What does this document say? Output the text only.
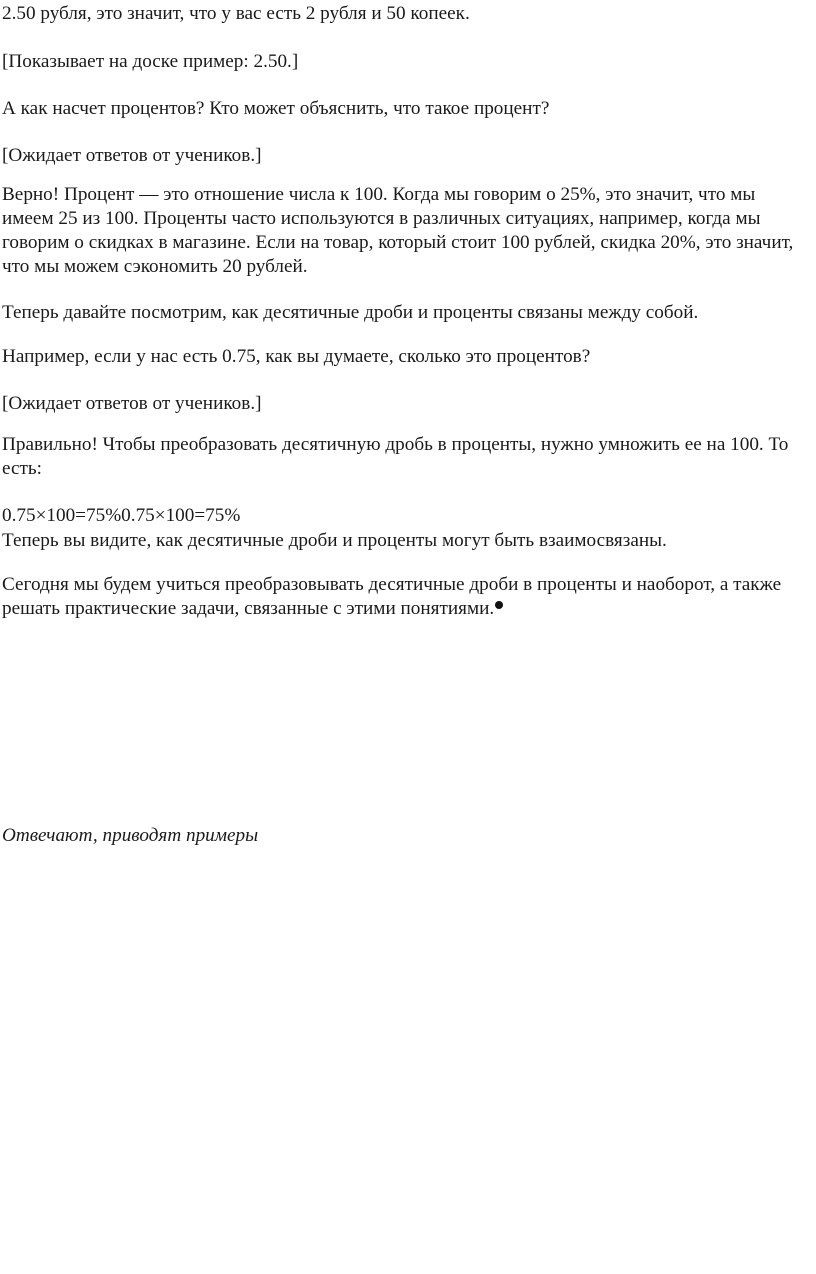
2.50 рубля, это значит, что у вас есть 2 рубля и 50 копеек.

[Показывает на доске пример: 2.50.]

А как насчет процентов? Кто может объяснить, что такое процент?

[Ожидает ответов от учеников.]

Верно! Процент — это отношение числа к 100. Когда мы говорим о 25%, это значит, что мы имеем 25 из 100. Проценты часто используются в различных ситуациях, например, когда мы говорим о скидках в магазине. Если на товар, который стоит 100 рублей, скидка 20%, это значит, что мы можем сэкономить 20 рублей.

Теперь давайте посмотрим, как десятичные дроби и проценты связаны между собой.

Например, если у нас есть 0.75, как вы думаете, сколько это процентов?

[Ожидает ответов от учеников.]

Правильно! Чтобы преобразовать десятичную дробь в проценты, нужно умножить ее на 100. То есть:

0.75×100=75%0.75×100=75%

Теперь вы видите, как десятичные дроби и проценты могут быть взаимосвязаны.

Сегодня мы будем учиться преобразовывать десятичные дроби в проценты и наоборот, а также решать практические задачи, связанные с этими понятиями.

Отвечают, приводят примеры
